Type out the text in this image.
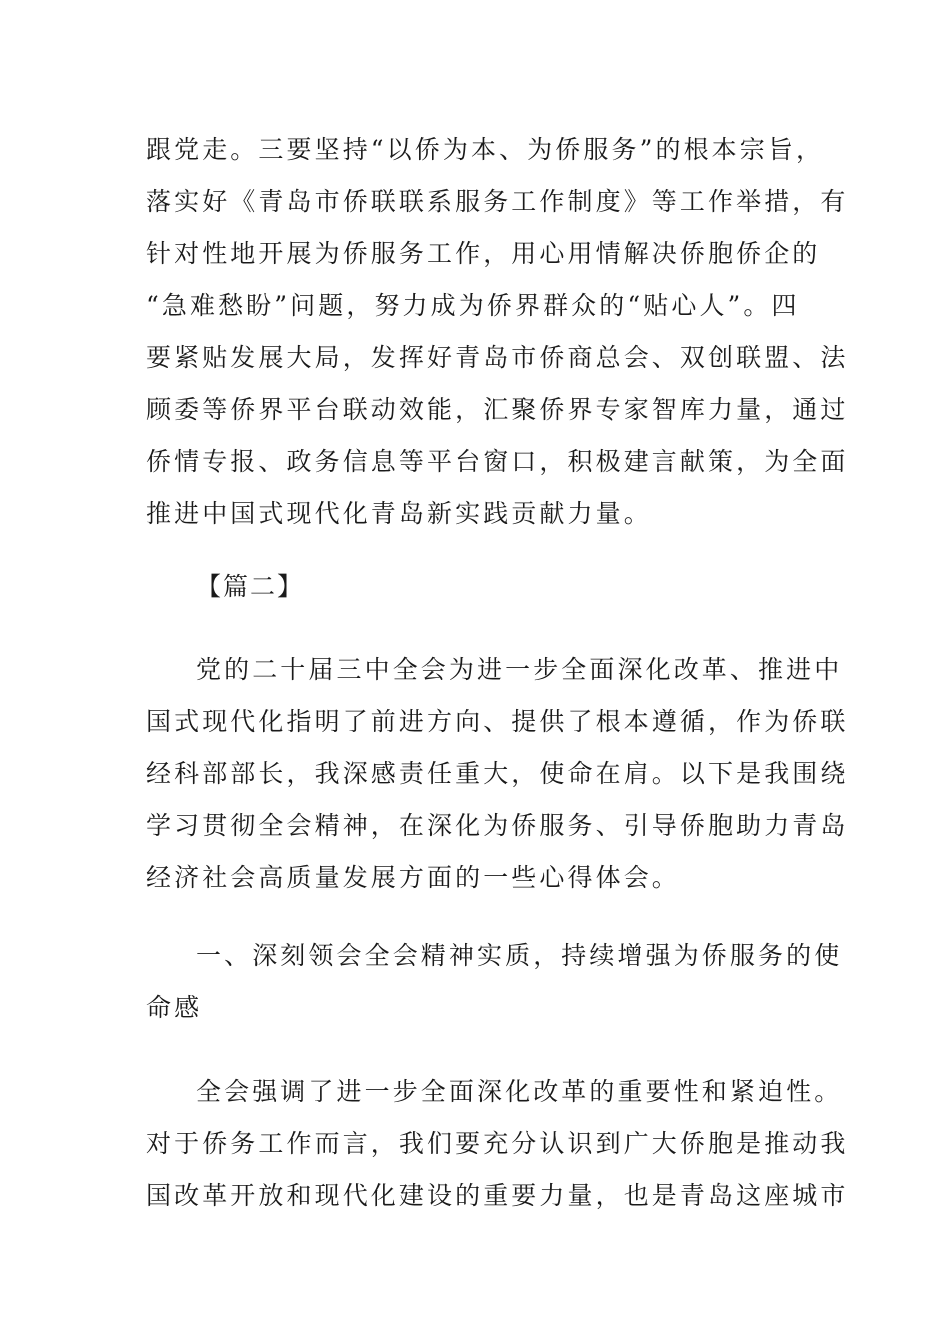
跟党走。三要坚持“以侨为本、为侨服务”的根本宗旨，
落实好《青岛市侨联联系服务工作制度》等工作举措，有
针对性地开展为侨服务工作，用心用情解决侨胞侨企的
“急难愁盼”问题，努力成为侨界群众的“贴心人”。四
要紧贴发展大局，发挥好青岛市侨商总会、双创联盟、法
顾委等侨界平台联动效能，汇聚侨界专家智库力量，通过
侨情专报、政务信息等平台窗口，积极建言献策，为全面
推进中国式现代化青岛新实践贡献力量。
【篇二】
党的二十届三中全会为进一步全面深化改革、推进中
国式现代化指明了前进方向、提供了根本遵循，作为侨联
经科部部长，我深感责任重大，使命在肩。以下是我围绕
学习贯彻全会精神，在深化为侨服务、引导侨胞助力青岛
经济社会高质量发展方面的一些心得体会。
一、深刻领会全会精神实质，持续增强为侨服务的使
命感
全会强调了进一步全面深化改革的重要性和紧迫性。
对于侨务工作而言，我们要充分认识到广大侨胞是推动我
国改革开放和现代化建设的重要力量，也是青岛这座城市
